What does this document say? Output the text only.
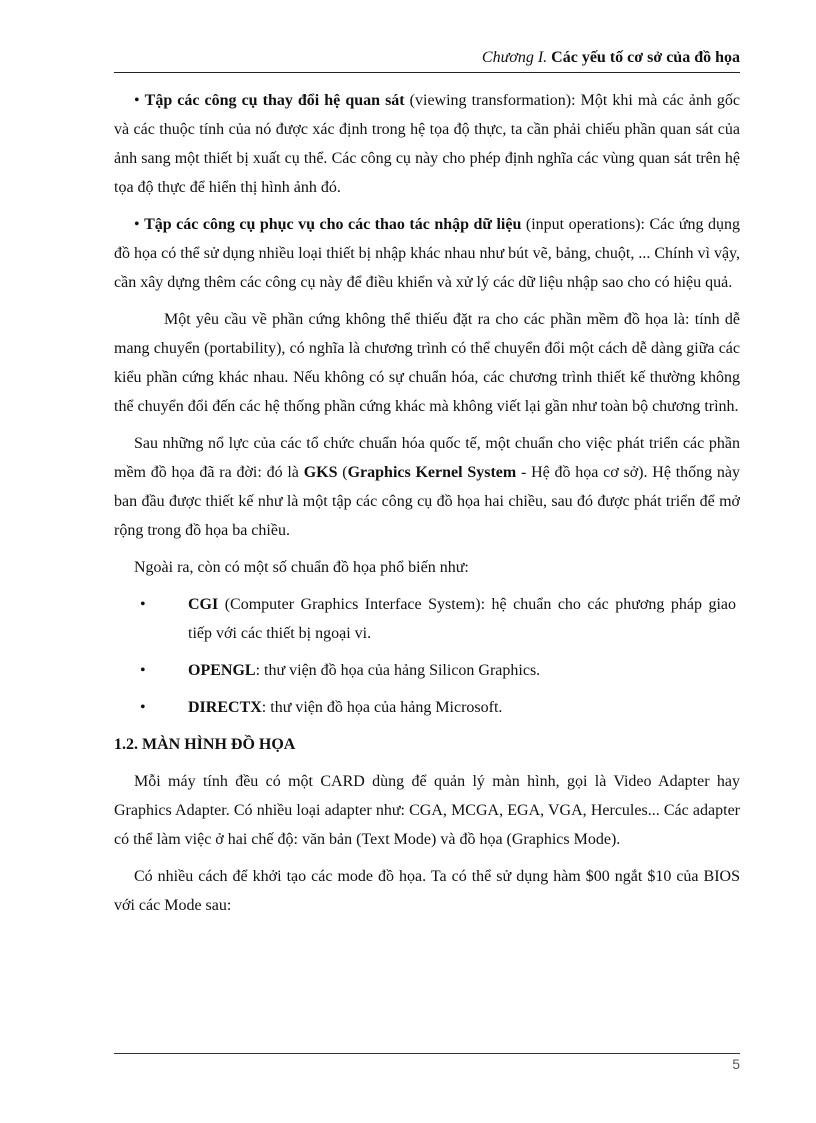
Chương I. Các yếu tố cơ sở của đồ họa

• Tập các công cụ thay đổi hệ quan sát (viewing transformation): Một khi mà các ảnh gốc và các thuộc tính của nó được xác định trong hệ tọa độ thực, ta cần phải chiếu phần quan sát của ảnh sang một thiết bị xuất cụ thể. Các công cụ này cho phép định nghĩa các vùng quan sát trên hệ tọa độ thực để hiển thị hình ảnh đó.

• Tập các công cụ phục vụ cho các thao tác nhập dữ liệu (input operations): Các ứng dụng đồ họa có thể sử dụng nhiều loại thiết bị nhập khác nhau như bút vẽ, bảng, chuột, ... Chính vì vậy, cần xây dựng thêm các công cụ này để điều khiển và xử lý các dữ liệu nhập sao cho có hiệu quả.

Một yêu cầu về phần cứng không thể thiếu đặt ra cho các phần mềm đồ họa là: tính dễ mang chuyển (portability), có nghĩa là chương trình có thể chuyển đổi một cách dễ dàng giữa các kiểu phần cứng khác nhau. Nếu không có sự chuẩn hóa, các chương trình thiết kế thường không thể chuyển đổi đến các hệ thống phần cứng khác mà không viết lại gần như toàn bộ chương trình.

Sau những nổ lực của các tổ chức chuẩn hóa quốc tế, một chuẩn cho việc phát triển các phần mềm đồ họa đã ra đời: đó là GKS (Graphics Kernel System - Hệ đồ họa cơ sở). Hệ thống này ban đầu được thiết kế như là một tập các công cụ đồ họa hai chiều, sau đó được phát triển để mở rộng trong đồ họa ba chiều.

Ngoài ra, còn có một số chuẩn đồ họa phổ biến như:

•	CGI (Computer Graphics Interface System): hệ chuẩn cho các phương pháp giao tiếp với các thiết bị ngoại vi.
•	OPENGL: thư viện đồ họa của hảng Silicon Graphics.
•	DIRECTX: thư viện đồ họa của hảng Microsoft.
1.2. MÀN HÌNH ĐỒ HỌA

Mỗi máy tính đều có một CARD dùng để quản lý màn hình, gọi là Video Adapter hay Graphics Adapter. Có nhiều loại adapter như: CGA, MCGA, EGA, VGA, Hercules... Các adapter có thể làm việc ở hai chế độ: văn bản (Text Mode) và đồ họa (Graphics Mode).

Có nhiều cách để khởi tạo các mode đồ họa. Ta có thể sử dụng hàm $00 ngắt $10 của BIOS với các Mode sau:

5
